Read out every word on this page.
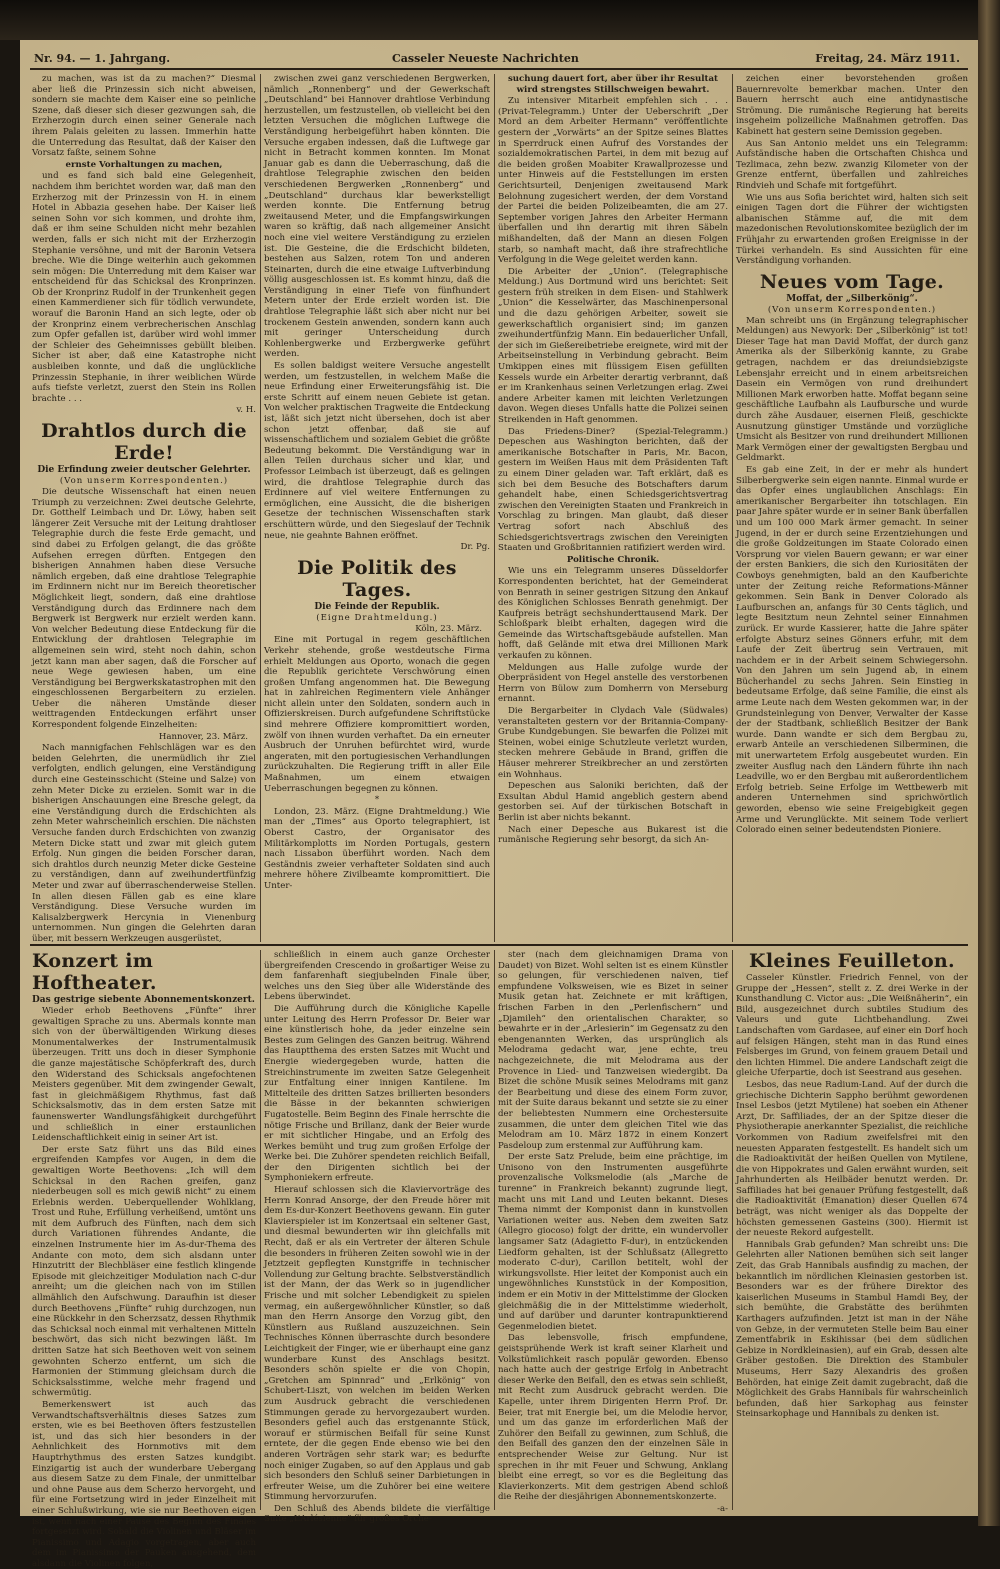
Nr. 94. — 1. Jahrgang.	Casseler Neueste Nachrichten	Freitag, 24. März 1911.

zu machen, was ist da zu machen?“ Diesmal aber ließ die Prinzessin sich nicht abweisen, sondern sie machte dem Kaiser eine so peinliche Szene, daß dieser sich dieser gezwungen sah, die Erzherzogin durch einen seiner Generale nach ihrem Palais geleiten zu lassen. Immerhin hatte die Unterredung das Resultat, daß der Kaiser den Vorsatz faßte, seinem Sohne

ernste Vorhaltungen zu machen,

und es fand sich bald eine Gelegenheit, nachdem ihm berichtet worden war, daß man den Erzherzog mit der Prinzessin von H. in einem Hotel in Abbazia gesehen habe. Der Kaiser ließ seinen Sohn vor sich kommen, und drohte ihm, daß er ihm seine Schulden nicht mehr bezahlen werden, falls er sich nicht mit der Erzherzogin Stephanie versöhne, und mit der Baronin Vetsera breche. Wie die Dinge weiterhin auch gekommen sein mögen: Die Unterredung mit dem Kaiser war entscheidend für das Schicksal des Kronprinzen. Ob der Kronprinz Rudolf in der Trunkenheit gegen einen Kammerdiener sich für tödlich verwundete, worauf die Baronin Hand an sich legte, oder ob der Kronprinz einem verbrecherischen Anschlag zum Opfer gefallen ist, darüber wird wohl immer der Schleier des Geheimnisses gebüllt bleiben. Sicher ist aber, daß eine Katastrophe nicht ausbleiben konnte, und daß die unglückliche Prinzessin Stephanie, in ihrer weiblichen Würde aufs tiefste verletzt, zuerst den Stein ins Rollen brachte . . .

v. H.

Drahtlos durch die Erde!
Die Erfindung zweier deutscher Gelehrter.
(Von unserm Korrespondenten.)

Die deutsche Wissenschaft hat einen neuen Triumph zu verzeichnen: Zwei deutsche Gelehrte, Dr. Gotthelf Leimbach und Dr. Löwy, haben seit längerer Zeit Versuche mit der Leitung drahtloser Telegraphie durch die feste Erde gemacht, und sind dabei zu Erfolgen gelangt, die das größte Aufsehen erregen dürften. Entgegen den bisherigen Annahmen haben diese Versuche nämlich ergeben, daß eine drahtlose Telegraphie im Erdinnern nicht nur im Bereich theoretischer Möglichkeit liegt, sondern, daß eine drahtlose Verständigung durch das Erdinnere nach dem Bergwerk ist Bergwerk nur erzielt werden kann. Von welcher Bedeutung diese Entdeckung für die Entwicklung der drahtlosen Telegraphie im allgemeinen sein wird, steht noch dahin, schon jetzt kann man aber sagen, daß die Forscher auf neue Wege gewiesen haben, um eine Verständigung bei Bergwerkskatastrophen mit den eingeschlossenen Bergarbeitern zu erzielen. Ueber die näheren Umstände dieser weittragenden Entdeckungen erfährt unser Korrespondent folgende Einzelheiten:

Hannover, 23. März.

Nach mannigfachen Fehlschlägen war es den beiden Gelehrten, die unermüdlich ihr Ziel verfolgten, endlich gelungen, eine Verständigung durch eine Gesteinsschicht (Steine und Salze) von zehn Meter Dicke zu erzielen. Somit war in die bisherigen Anschauungen eine Bresche gelegt, da eine Verständigung durch die Erdschichten als zehn Meter wahrscheinlich erschien. Die nächsten Versuche fanden durch Erdschichten von zwanzig Metern Dicke statt und zwar mit gleich gutem Erfolg. Nun gingen die beiden Forscher daran, sich drahtlos durch neunzig Meter dicke Gesteine zu verständigen, dann auf zweihundertfünfzig Meter und zwar auf überraschenderweise Stellen. In allen diesen Fällen gab es eine klare Verständigung. Diese Versuche wurden im Kalisalzbergwerk Hercynia in Vienenburg unternommen. Nun gingen die Gelehrten daran über, mit bessern Werkzeugen ausgerüstet,

zwischen zwei ganz verschiedenen Bergwerken, nämlich „Ronnenberg“ und der Gewerkschaft „Deutschland“ bei Hannover drahtlose Verbindung herzustellen, um festzustellen, ob vielleicht bei den letzten Versuchen die möglichen Luftwege die Verständigung herbeigeführt haben könnten. Die Versuche ergaben indessen, daß die Luftwege gar nicht in Betracht kommen konnten. Im Monat Januar gab es dann die Ueberraschung, daß die drahtlose Telegraphie zwischen den beiden verschiedenen Bergwerken „Ronnenberg“ und „Deutschland“ durchaus klar bewerkstelligt werden konnte. Die Entfernung betrug zweitausend Meter, und die Empfangswirkungen waren so kräftig, daß nach allgemeiner Ansicht noch eine viel weitere Verständigung zu erzielen ist. Die Gesteine, die die Erdschicht bildeten, bestehen aus Salzen, rotem Ton und anderen Steinarten, durch die eine etwaige Luftverbindung völlig ausgeschlossen ist. Es kommt hinzu, daß die Verständigung in einer Tiefe von fünfhundert Metern unter der Erde erzielt worden ist. Die drahtlose Telegraphie läßt sich aber nicht nur bei trockenem Gestein anwenden, sondern kann auch mit geringer Unterscheidung durch Kohlenbergwerke und Erzbergwerke geführt werden.

Es sollen baldigst weitere Versuche angestellt werden, um festzustellen, in welchem Maße die neue Erfindung einer Erweiterungsfähig ist. Die erste Schritt auf einem neuen Gebiete ist getan. Von welcher praktischen Tragweite die Entdeckung ist, läßt sich jetzt nicht übersehen, doch ist aber schon jetzt offenbar, daß sie auf wissenschaftlichem und sozialem Gebiet die größte Bedeutung bekommt. Die Verständigung war in allen Teilen durchaus sicher und klar, und Professor Leimbach ist überzeugt, daß es gelingen wird, die drahtlose Telegraphie durch das Erdinnere auf viel weitere Entfernungen zu ermöglichen, eine Aussicht, die die bisherigen Gesetze der technischen Wissenschaften stark erschüttern würde, und den Siegeslauf der Technik neue, nie geahnte Bahnen eröffnet.

Dr. Pg.

Die Politik des Tages.
Die Feinde der Republik.
(Eigne Drahtmeldung.)

Köln, 23. März.

Eine mit Portugal in regem geschäftlichen Verkehr stehende, große westdeutsche Firma erhielt Meldungen aus Oporto, wonach die gegen die Republik gerichtete Verschwörung einen großen Umfang angenommen hat. Die Bewegung hat in zahlreichen Regimentern viele Anhänger nicht allein unter den Soldaten, sondern auch in Offizierskreisen. Durch aufgefundene Schriftstücke sind mehrere Offiziere kompromittiert worden, zwölf von ihnen wurden verhaftet. Da ein erneuter Ausbruch der Unruhen befürchtet wird, wurde angeraten, mit den portugiesischen Verhandlungen zurückzuhalten. Die Regierung trifft in aller Eile Maßnahmen, um einem etwaigen Ueberraschungen begegnen zu können.

*

London, 23. März. (Eigne Drahtmeldung.) Wie man der „Times“ aus Oporto telegraphiert, ist Oberst Castro, der Organisator des Militärkomplotts im Norden Portugals, gestern nach Lissabon überführt worden. Nach dem Geständnis zweier verhafteter Soldaten sind auch mehrere höhere Zivilbeamte kompromittiert. Die Unter-

suchung dauert fort, aber über ihr Resultat wird strengstes Stillschweigen bewahrt.

Zu intensiver Mitarbeit empfehlen sich . . . (Privat-Telegramm.) Unter der Ueberschrift „Der Mord an dem Arbeiter Hermann“ veröffentlichte gestern der „Vorwärts“ an der Spitze seines Blattes in Sperrdruck einen Aufruf des Vorstandes der sozialdemokratischen Partei, in dem mit bezug auf die beiden großen Moabiter Krawallprozesse und unter Hinweis auf die Feststellungen im ersten Gerichtsurteil, Denjenigen zweitausend Mark Belohnung zugesichert werden, der dem Vorstand der Partei die beiden Polizeibeamten, die am 27. September vorigen Jahres den Arbeiter Hermann überfallen und ihn derartig mit ihren Säbeln mißhandelten, daß der Mann an diesen Folgen starb, so namhaft macht, daß ihre strafrechtliche Verfolgung in die Wege geleitet werden kann.

Die Arbeiter der „Union“. (Telegraphische Meldung.) Aus Dortmund wird uns berichtet: Seit gestern früh streiken in dem Eisen- und Stahlwerk „Union“ die Kesselwärter, das Maschinenpersonal und die dazu gehörigen Arbeiter, soweit sie gewerkschaftlich organisiert sind; im ganzen zweihundertfünfzig Mann. Ein bedauerlicher Unfall, der sich im Gießereibetriebe ereignete, wird mit der Arbeitseinstellung in Verbindung gebracht. Beim Umkippen eines mit flüssigem Eisen gefüllten Kessels wurde ein Arbeiter derartig verbrannt, daß er im Krankenhaus seinen Verletzungen erlag. Zwei andere Arbeiter kamen mit leichten Verletzungen davon. Wegen dieses Unfalls hatte die Polizei seinen Streikenden in Haft genommen.

Das Friedens-Diner? (Spezial-Telegramm.) Depeschen aus Washington berichten, daß der amerikanische Botschafter in Paris, Mr. Bacon, gestern im Weißen Haus mit dem Präsidenten Taft zu einem Diner geladen war. Taft erklärt, daß es sich bei dem Besuche des Botschafters darum gehandelt habe, einen Schiedsgerichtsvertrag zwischen den Vereinigten Staaten und Frankreich in Vorschlag zu bringen. Man glaubt, daß dieser Vertrag sofort nach Abschluß des Schiedsgerichtsvertrags zwischen den Vereinigten Staaten und Großbritannien ratifiziert werden wird.

Politische Chronik.

Wie uns ein Telegramm unseres Düsseldorfer Korrespondenten berichtet, hat der Gemeinderat von Benrath in seiner gestrigen Sitzung den Ankauf des Königlichen Schlosses Benrath genehmigt. Der Kaufpreis beträgt sechshunderttausend Mark. Der Schloßpark bleibt erhalten, dagegen wird die Gemeinde das Wirtschaftsgebäude aufstellen. Man hofft, daß Gelände mit etwa drei Millionen Mark verkaufen zu können.

Meldungen aus Halle zufolge wurde der Oberpräsident von Hegel anstelle des verstorbenen Herrn von Bülow zum Domherrn von Merseburg ernannt.

Die Bergarbeiter in Clydach Vale (Südwales) veranstalteten gestern vor der Britannia-Company-Grube Kundgebungen. Sie bewarfen die Polizei mit Steinen, wobei einige Schutzleute verletzt wurden, stecken mehrere Gebäude in Brand, griffen die Häuser mehrerer Streikbrecher an und zerstörten ein Wohnhaus.

Depeschen aus Saloniki berichten, daß der Exsultan Abdul Hamid angeblich gestern abend gestorben sei. Auf der türkischen Botschaft in Berlin ist aber nichts bekannt.

Nach einer Depesche aus Bukarest ist die rumänische Regierung sehr besorgt, da sich An-

zeichen einer bevorstehenden großen Bauernrevolte bemerkbar machen. Unter den Bauern herrscht auch eine antidynastische Strömung. Die rumänische Regierung hat bereits insgeheim polizeiliche Maßnahmen getroffen. Das Kabinett hat gestern seine Demission gegeben.

Aus San Antonio meldet uns ein Telegramm: Aufständische haben die Ortschaften Chishca und Tezlimaca, zehn bezw. zwanzig Kilometer von der Grenze entfernt, überfallen und zahlreiches Rindvieh und Schafe mit fortgeführt.

Wie uns aus Sofia berichtet wird, halten sich seit einigen Tagen dort die Führer der wichtigsten albanischen Stämme auf, die mit dem mazedonischen Revolutionskomitee bezüglich der im Frühjahr zu erwartenden großen Ereignisse in der Türkei verhandeln. Es sind Aussichten für eine Verständigung vorhanden.

Neues vom Tage.
Moffat, der „Silberkönig“.
(Von unserm Korrespondenten.)

Man schreibt uns (in Ergänzung telegraphischer Meldungen) aus Newyork: Der „Silberkönig“ ist tot! Dieser Tage hat man David Moffat, der durch ganz Amerika als der Silberkönig kannte, zu Grabe getragen, nachdem er das dreiundsiebzigste Lebensjahr erreicht und in einem arbeitsreichen Dasein ein Vermögen von rund dreihundert Millionen Mark erworben hatte. Moffat begann seine geschäftliche Laufbahn als Laufbursche und wurde durch zähe Ausdauer, eisernen Fleiß, geschickte Ausnutzung günstiger Umstände und vorzügliche Umsicht als Besitzer von rund dreihundert Millionen Mark Vermögen einer der gewaltigsten Bergbau und Geldmarkt.

Es gab eine Zeit, in der er mehr als hundert Silberbergwerke sein eigen nannte. Einmal wurde er das Opfer eines unglaublichen Anschlags: Ein amerikanischer Bergarbeiter ihn totschlagen. Ein paar Jahre später wurde er in seiner Bank überfallen und um 100 000 Mark ärmer gemacht. In seiner Jugend, in der er durch seine Erzentziehungen und die große Goldzeitungen im Staate Colorado einen Vorsprung vor vielen Bauern gewann; er war einer der ersten Bankiers, die sich den Kuriositäten der Cowboys genehmigten, bald an den Kaufberichte unter der Zeitung reiche Reformations-Männer gekommen. Sein Bank in Denver Colorado als Laufburschen an, anfangs für 30 Cents täglich, und legte Besitztum neun Zehntel seiner Einnahmen zurück. Er wurde Kassierer, hatte die Jahre später erfolgte Absturz seines Gönners erfuhr, mit dem Laufe der Zeit übertrug sein Vertrauen, mit nachdem er in der Arbeit seinem Schwiegersohn. Von den Jahren um sein Jugend ab, in einem Bücherhandel zu sechs Jahren. Sein Einstieg in bedeutsame Erfolge, daß seine Familie, die einst als arme Leute nach dem Westen gekommen war, in der Grundsteinlegung von Denver, Verwalter der Kasse der der Stadtbank, schließlich Besitzer der Bank wurde. Dann wandte er sich dem Bergbau zu, erwarb Anteile an verschiedenen Silberminen, die mit unerwartetem Erfolg ausgebeutet wurden. Ein zweiter Ausflug nach den Ländern führte ihn nach Leadville, wo er den Bergbau mit außerordentlichem Erfolg betrieb. Seine Erfolge im Wettbewerb mit anderen Unternehmen sind sprichwörtlich geworden, ebenso wie seine Freigebigkeit gegen Arme und Verunglückte. Mit seinem Tode verliert Colorado einen seiner bedeutendsten Pioniere.

Konzert im Hoftheater.
Das gestrige siebente Abonnementskonzert.

Wieder erhob Beethovens „Fünfte“ ihrer gewaltigen Sprache zu uns. Abermals konnte man sich von der überwältigenden Wirkung dieses Monumentalwerkes der Instrumentalmusik überzeugen. Tritt uns doch in dieser Symphonie die ganze majestätische Schöpferkraft des, durch den Widerstand des Schicksals angefochtenen Meisters gegenüber. Mit dem zwingender Gewalt, fast in gleichmäßigem Rhythmus, fast daß Schicksalsmotiv, das in dem ersten Satze mit faunenswerter Wandlungsfähigkeit durchgeführt und schließlich in einer erstaunlichen Leidenschaftlichkeit einig in seiner Art ist.

Der erste Satz führt uns das Bild eines ergreifenden Kampfes vor Augen, in dem die gewaltigen Worte Beethovens: „Ich will dem Schicksal in den Rachen greifen, ganz niederbeugen soll es mich gewiß nicht“ zu einem Erlebnis werden. Ueberquellender Wohlklang, Trost und Ruhe, Erfüllung verheißend, umtönt uns mit dem Aufbruch des Fünften, nach dem sich durch Variationen führendes Andante, die einzelnen Instrumente hier im As-dur-Thema des Andante con moto, dem sich alsdann unter Hinzutritt der Blechbläser eine festlich klingende Episode mit gleichzeitiger Modulation nach C-dur anreiht; um die gleichen nach von im Stillen allmählich den Aufschwung. Daraufhin ist dieser durch Beethovens „Fünfte“ ruhig durchzogen, nun eine Rückkehr in den Scherzsatz, dessen Rhythmik das Schicksal noch einmal mit verhaltenen Mitteln beschwört, das sich nicht bezwingen läßt. Im dritten Satze hat sich Beethoven weit von seinem gewohnten Scherzo entfernt, um sich die Harmonien der Stimmung gleichsam durch die Schicksalsstimme, welche mehr fragend und schwermütig.

Bemerkenswert ist auch das Verwandtschaftsverhältnis dieses Satzes zum ersten, wie es bei Beethoven öfters festzustellen ist, und das sich hier besonders in der Aehnlichkeit des Hornmotivs mit dem Hauptrhythmus des ersten Satzes kundgibt. Einzigartig ist auch der wunderbare Uebergang aus diesem Satze zu dem Finale, der unmittelbar und ohne Pause aus dem Scherzo hervorgeht, und für eine Fortsetzung wird in jeder Einzelheit mit einer Schlußwirkung, wie sie nur Beethoven eigen ist, wenn nach einer Pause des Beginn des Finales fortgesetzt wird. Sobald die Violinen und Bläser im Pianissimo und Adagio vorgetragen, aber auch dem im Pianissimo der Pauken ausgehend, dem alsdann die Violinen folgen,

schließlich in einem auch ganze Orchester übergreifenden Crescendo in großartiger Weise zu dem fanfarenhaft siegjubelnden Finale über, welches uns den Sieg über alle Widerstände des Lebens überwindet.

Die Aufführung durch die Königliche Kapelle unter Leitung des Herrn Professor Dr. Beier war eine künstlerisch hohe, da jeder einzelne sein Bestes zum Gelingen des Ganzen beitrug. Während das Hauptthema des ersten Satzes mit Wucht und Energie wiedergegeben wurde, hatten die Streichinstrumente im zweiten Satze Gelegenheit zur Entfaltung einer innigen Kantilene. Im Mittelteile des dritten Satzes brillierten besonders die Bässe in der bekannten schwierigen Fugatostelle. Beim Beginn des Finale herrschte die nötige Frische und Brillanz, dank der Beier wurde er mit sichtlicher Hingabe, und an Erfolg des Werkes bemüht und trug zum großen Erfolge der Werke bei. Die Zuhörer spendeten reichlich Beifall, der den Dirigenten sichtlich bei der Symphoniekern erfreute.

Hierauf schlossen sich die Klaviervorträge des Herrn Konrad Ansorge, der den Freude hörer mit dem Es-dur-Konzert Beethovens gewann. Ein guter Klavierspieler ist im Konzertsaal ein seltener Gast, und diesmal bewunderten wir ihn gleichfalls mit Recht, daß er als ein Vertreter der älteren Schule die besonders in früheren Zeiten sowohl wie in der Jetztzeit gepflegten Kunstgriffe in technischer Vollendung zur Geltung brachte. Selbstverständlich ist der Mann, der das Werk so in jugendlicher Frische und mit solcher Lebendigkeit zu spielen vermag, ein außergewöhnlicher Künstler, so daß man den Herrn Ansorge den Vorzug gibt, den Künstlern aus Rußland auszuzeichnen. Sein Technisches Können überraschte durch besondere Leichtigkeit der Finger, wie er überhaupt eine ganz wunderbare Kunst des Anschlags besitzt. Besonders schön spielte er die von Chopin, „Gretchen am Spinnrad“ und „Erlkönig“ von Schubert-Liszt, von welchen im beiden Werken zum Ausdruck gebracht die verschiedenen Stimmungen gerade zu hervorgezaubert wurden. Besonders gefiel auch das erstgenannte Stück, worauf er stürmischen Beifall für seine Kunst erntete, der die gegen Ende ebenso wie bei den anderen Vorträgen sehr stark war; es bedurfte noch einiger Zugaben, so auf den Applaus und gab sich besonders den Schluß seiner Darbietungen in erfreuter Weise, um die Zuhörer bei eine weitere Stimmung hervorzurufen.

Den Schluß des Abends bildete die vierfältige Suite „L’Arlésienne“ für großes Orche-

ster (nach dem gleichnamigen Drama von Daudet) von Bizet. Wohl selten ist es einem Künstler so gelungen, für verschiedenen naiven, tief empfundene Volksweisen, wie es Bizet in seiner Musik getan hat. Zeichnete er mit kräftigen, frischen Farben in den „Perlenfischern“ und „Djamileh“ den orientalischen Charakter, so bewahrte er in der „Arlesierin“ im Gegensatz zu den ebengenannten Werken, das ursprünglich als Melodrama gedacht war, jene echte, treu nachgezeichnete, die mit Melodrama aus der Provence in Lied- und Tanzweisen wiedergibt. Da Bizet die schöne Musik seines Melodrams mit ganz der Bearbeitung und diese des einem Form zuvor, mit der Suite daraus bekannt und setzte sie zu einer der beliebtesten Nummern eine Orchestersuite zusammen, die unter dem gleichen Titel wie das Melodram am 10. März 1872 in einem Konzert Pasdeloup zum erstenmal zur Aufführung kam.

Der erste Satz Prelude, beim eine prächtige, im Unisono von den Instrumenten ausgeführte provenzalische Volksmelodie (als „Marche de turenne“ in Frankreich bekannt) zugrunde liegt, macht uns mit Land und Leuten bekannt. Dieses Thema nimmt der Komponist dann in kunstvollen Variationen weiter aus. Neben dem zweiten Satz (Allegro giocoso) folgt der dritte, ein wundervoller langsamer Satz (Adagietto F-dur), in entzückenden Liedform gehalten, ist der Schlußsatz (Allegretto moderato C-dur), Carillon betitelt, wohl der wirkungsvollste. Hier leitet der Komponist auch ein ungewöhnliches Kunststück in der Komposition, indem er ein Motiv in der Mittelstimme der Glocken gleichmäßig die in der Mittelstimme wiederholt, und auf darüber und darunter kontrapunktierend Gegenmelodien bietet.

Das lebensvolle, frisch empfundene, geistsprühende Werk ist kraft seiner Klarheit und Volkstümlichkeit rasch populär geworden. Ebenso nach hatte auch der gestrige Erfolg in Anbetracht dieser Werke den Beifall, den es etwas sein schließt, mit Recht zum Ausdruck gebracht werden. Die Kapelle, unter ihrem Dirigenten Herrn Prof. Dr. Beier, trat mit Energie bei, um die Melodie hervor, und um das ganze im erforderlichen Maß der Zuhörer den Beifall zu gewinnen, zum Schluß, die den Beifall des ganzen den der einzelnen Säle in entsprechender Weise zur Geltung. Nur ist sprechen in ihr mit Feuer und Schwung, Anklang bleibt eine erregt, so vor es die Begleitung das Klavierkonzerts. Mit dem gestrigen Abend schloß die Reihe der diesjährigen Abonnementskonzerte.

-a-

Kleines Feuilleton.

Casseler Künstler. Friedrich Fennel, von der Gruppe der „Hessen“, stellt z. Z. drei Werke in der Kunsthandlung C. Victor aus: „Die Weißnäherin“, ein Bild, ausgezeichnet durch subtiles Studium des Valeurs und gute Lichtbehandlung. Zwei Landschaften vom Gardasee, auf einer ein Dorf hoch auf felsigen Hängen, steht man in das Rund eines Felsberges im Grund, von feinem grauem Detail und den lichten Himmel. Die andere Landschaft zeigt die gleiche Uferpartie, doch ist Seestrand aus gesehen.

Lesbos, das neue Radium-Land. Auf der durch die griechische Dichterin Sappho berühmt gewordenen Insel Lesbos (jetzt Mytilene) hat soeben ein Athener Arzt, Dr. Saffiliades, der an der Spitze dieser die Physiotherapie anerkannter Spezialist, die reichliche Vorkommen von Radium zweifelsfrei mit den neuesten Apparaten festgestellt. Es handelt sich um die Radioaktivität der heißen Quellen von Mytilene, die von Hippokrates und Galen erwähnt wurden, seit Jahrhunderten als Heilbäder benutzt werden. Dr. Saffiliades hat bei genauer Prüfung festgestellt, daß die Radioaktivität (Emanation) dieser Quellen 674 beträgt, was nicht weniger als das Doppelte der höchsten gemessenen Gasteins (300). Hiermit ist der neueste Rekord aufgestellt.

Hannibals Grab gefunden? Man schreibt uns: Die Gelehrten aller Nationen bemühen sich seit langer Zeit, das Grab Hannibals ausfindig zu machen, der bekanntlich im nördlichen Kleinasien gestorben ist. Besonders war es der frühere Direktor des kaiserlichen Museums in Stambul Hamdi Bey, der sich bemühte, die Grabstätte des berühmten Karthagers aufzufinden. Jetzt ist man in der Nähe von Gebze, in der vermuteten Stelle beim Bau einer Zementfabrik in Eskihissar (bei dem südlichen Gebize in Nordkleinasien), auf ein Grab, dessen alte Gräber gestoßen. Die Direktion des Stambuler Museums, Herr Sazy Alexandris des großen Behörden, hat einige Zeit damit zugebracht, daß die Möglichkeit des Grabs Hannibals für wahrscheinlich befunden, daß hier Sarkophag aus feinster Steinsarkophage und Hannibals zu denken ist.
